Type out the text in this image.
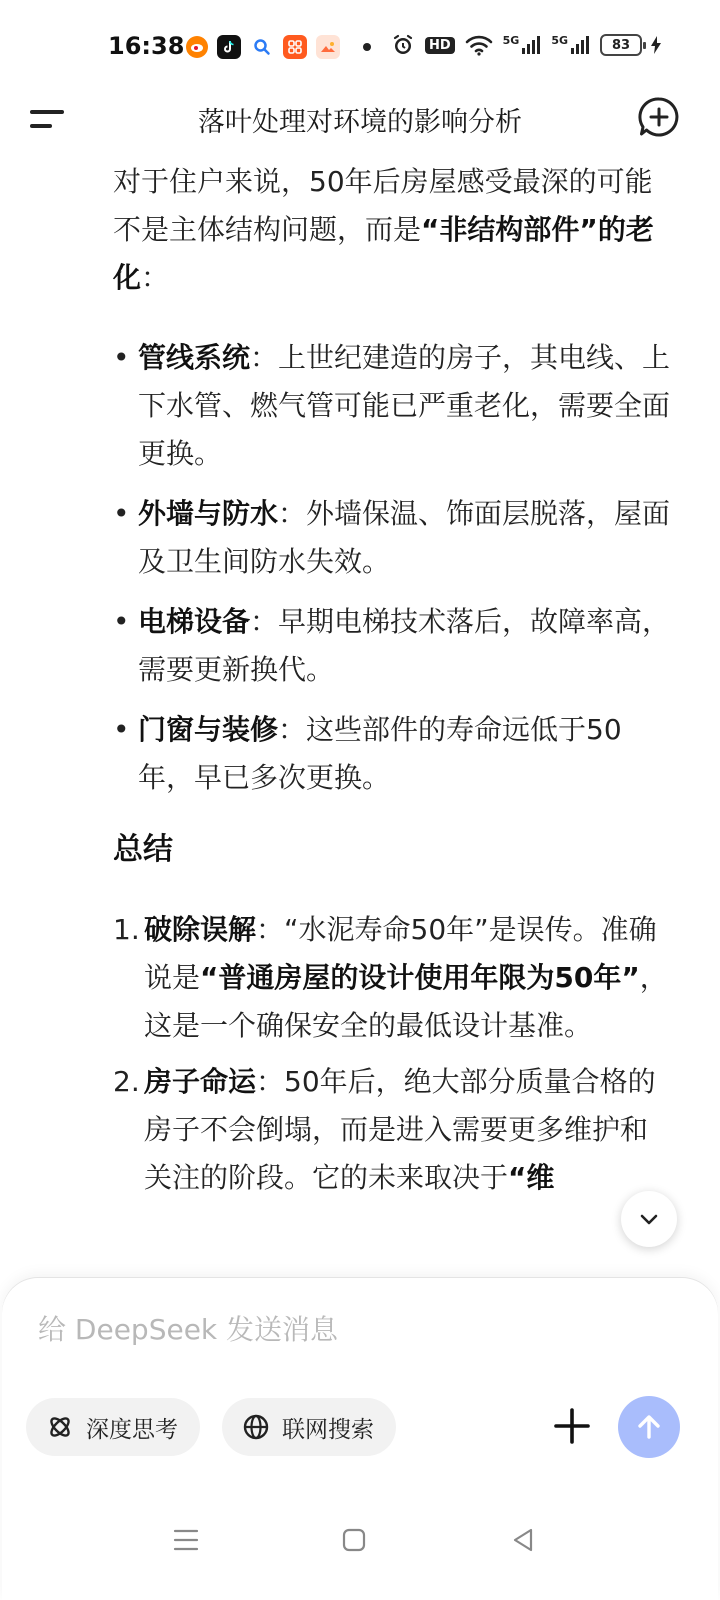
16:38	HD	5G	5G	83
落叶处理对环境的影响分析

对于住户来说，50年后房屋感受最深的可能不是主体结构问题，而是“非结构部件”的老化：

• 管线系统：上世纪建造的房子，其电线、上下水管、燃气管可能已严重老化，需要全面更换。
• 外墙与防水：外墙保温、饰面层脱落，屋面及卫生间防水失效。
• 电梯设备：早期电梯技术落后，故障率高，需要更新换代。
• 门窗与装修：这些部件的寿命远低于50年，早已多次更换。
总结
1. 破除误解：“水泥寿命50年”是误传。准确说是“普通房屋的设计使用年限为50年”，这是一个确保安全的最低设计基准。
2. 房子命运：50年后，绝大部分质量合格的房子不会倒塌，而是进入需要更多维护和关注的阶段。它的未来取决于“维
给 DeepSeek 发送消息
深度思考	联网搜索
